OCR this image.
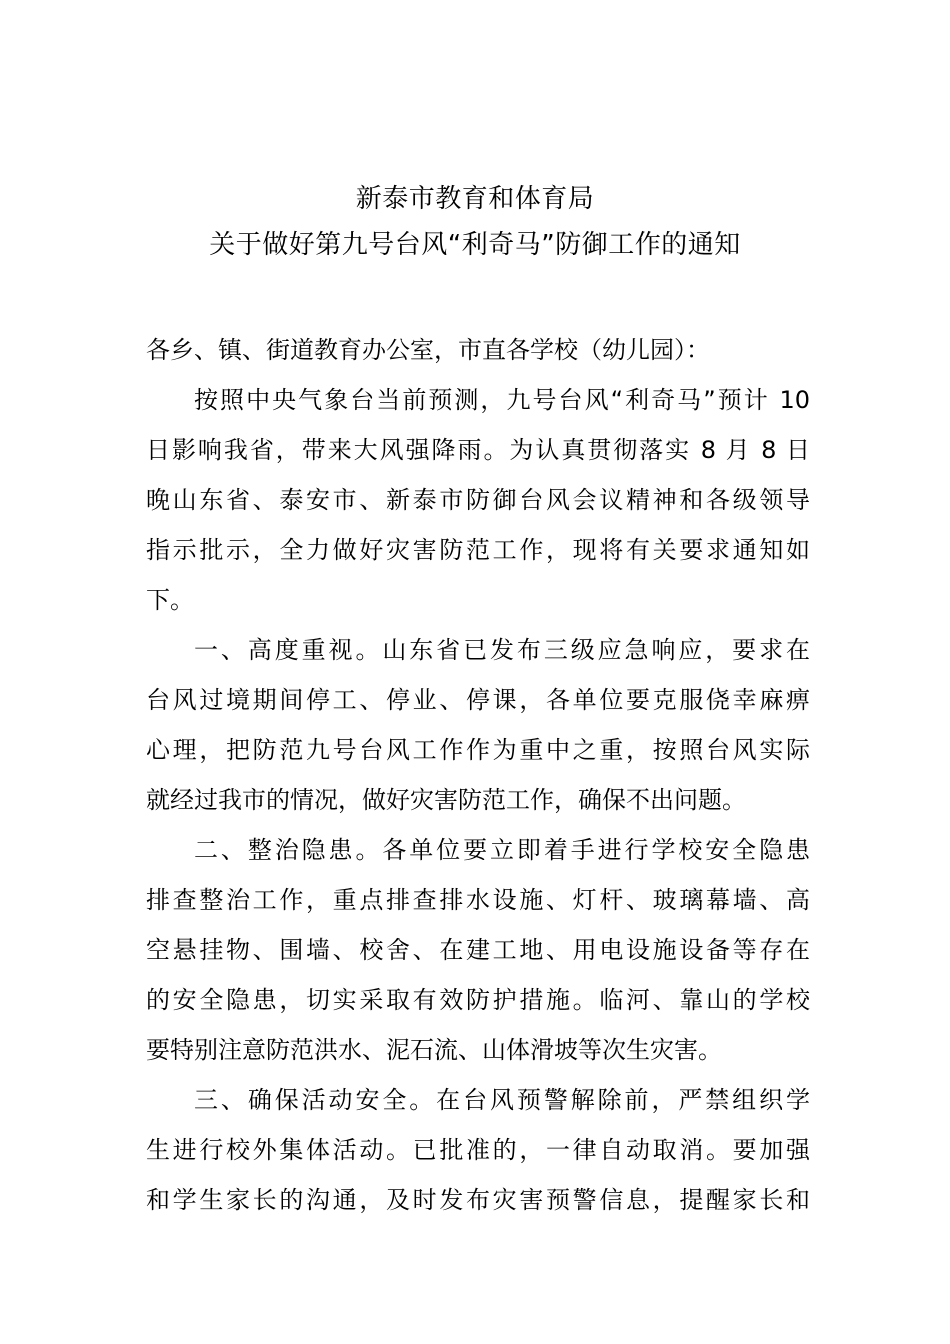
新泰市教育和体育局
关于做好第九号台风“利奇马”防御工作的通知
各乡、镇、街道教育办公室，市直各学校（幼儿园）：

按照中央气象台当前预测，九号台风“利奇马”预计 10
日影响我省，带来大风强降雨。为认真贯彻落实 8 月 8 日
晚山东省、泰安市、新泰市防御台风会议精神和各级领导
指示批示，全力做好灾害防范工作，现将有关要求通知如
下。

一、高度重视。山东省已发布三级应急响应，要求在
台风过境期间停工、停业、停课，各单位要克服侥幸麻痹
心理，把防范九号台风工作作为重中之重，按照台风实际
就经过我市的情况，做好灾害防范工作，确保不出问题。

二、整治隐患。各单位要立即着手进行学校安全隐患
排查整治工作，重点排查排水设施、灯杆、玻璃幕墙、高
空悬挂物、围墙、校舍、在建工地、用电设施设备等存在
的安全隐患，切实采取有效防护措施。临河、靠山的学校
要特别注意防范洪水、泥石流、山体滑坡等次生灾害。

三、确保活动安全。在台风预警解除前，严禁组织学
生进行校外集体活动。已批准的，一律自动取消。要加强
和学生家长的沟通，及时发布灾害预警信息，提醒家长和
